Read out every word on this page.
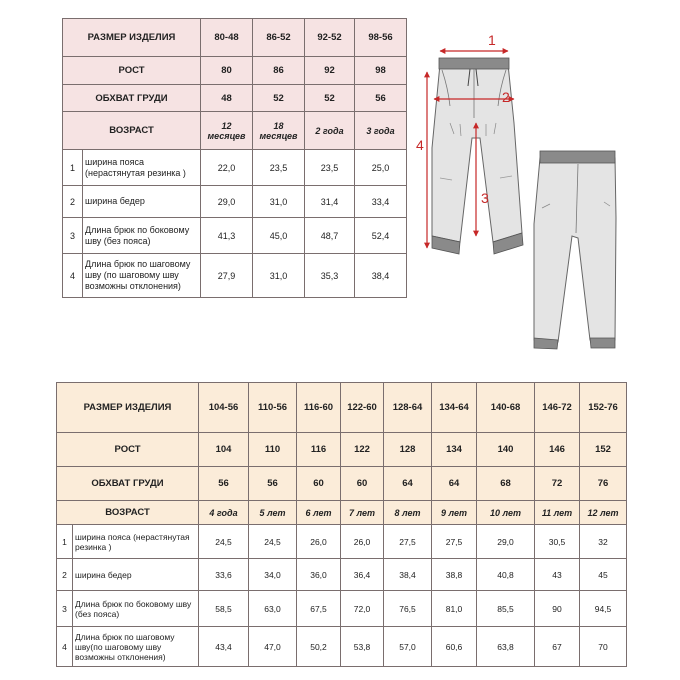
РАЗМЕР ИЗДЕЛИЯ		80-48	86-52	92-52	98-56
РОСТ		80	86	92	98
ОБХВАТ ГРУДИ		48	52	52	56
ВОЗРАСТ		12 месяцев	18 месяцев	2 года	3 года
1	ширина пояса (нерастянутая резинка )	22,0	23,5	23,5	25,0
2	ширина бедер	29,0	31,0	31,4	33,4
3	Длина брюк по боковому шву (без пояса)	41,3	45,0	48,7	52,4
4	Длина брюк по шаговому шву (по шаговому шву возможны отклонения)	27,9	31,0	35,3	38,4
РАЗМЕР ИЗДЕЛИЯ		104-56	110-56	116-60	122-60	128-64	134-64	140-68	146-72	152-76
РОСТ		104	110	116	122	128	134	140	146	152
ОБХВАТ ГРУДИ		56	56	60	60	64	64	68	72	76
ВОЗРАСТ		4 года	5 лет	6 лет	7 лет	8 лет	9 лет	10 лет	11 лет	12 лет
1	ширина пояса (нерастянутая резинка )	24,5	24,5	26,0	26,0	27,5	27,5	29,0	30,5	32
2	ширина бедер	33,6	34,0	36,0	36,4	38,4	38,8	40,8	43	45
3	Длина брюк по боковому шву (без пояса)	58,5	63,0	67,5	72,0	76,5	81,0	85,5	90	94,5
4	Длина брюк по шаговому шву(по шаговому шву возможны отклонения)	43,4	47,0	50,2	53,8	57,0	60,6	63,8	67	70
1
2
3
4
